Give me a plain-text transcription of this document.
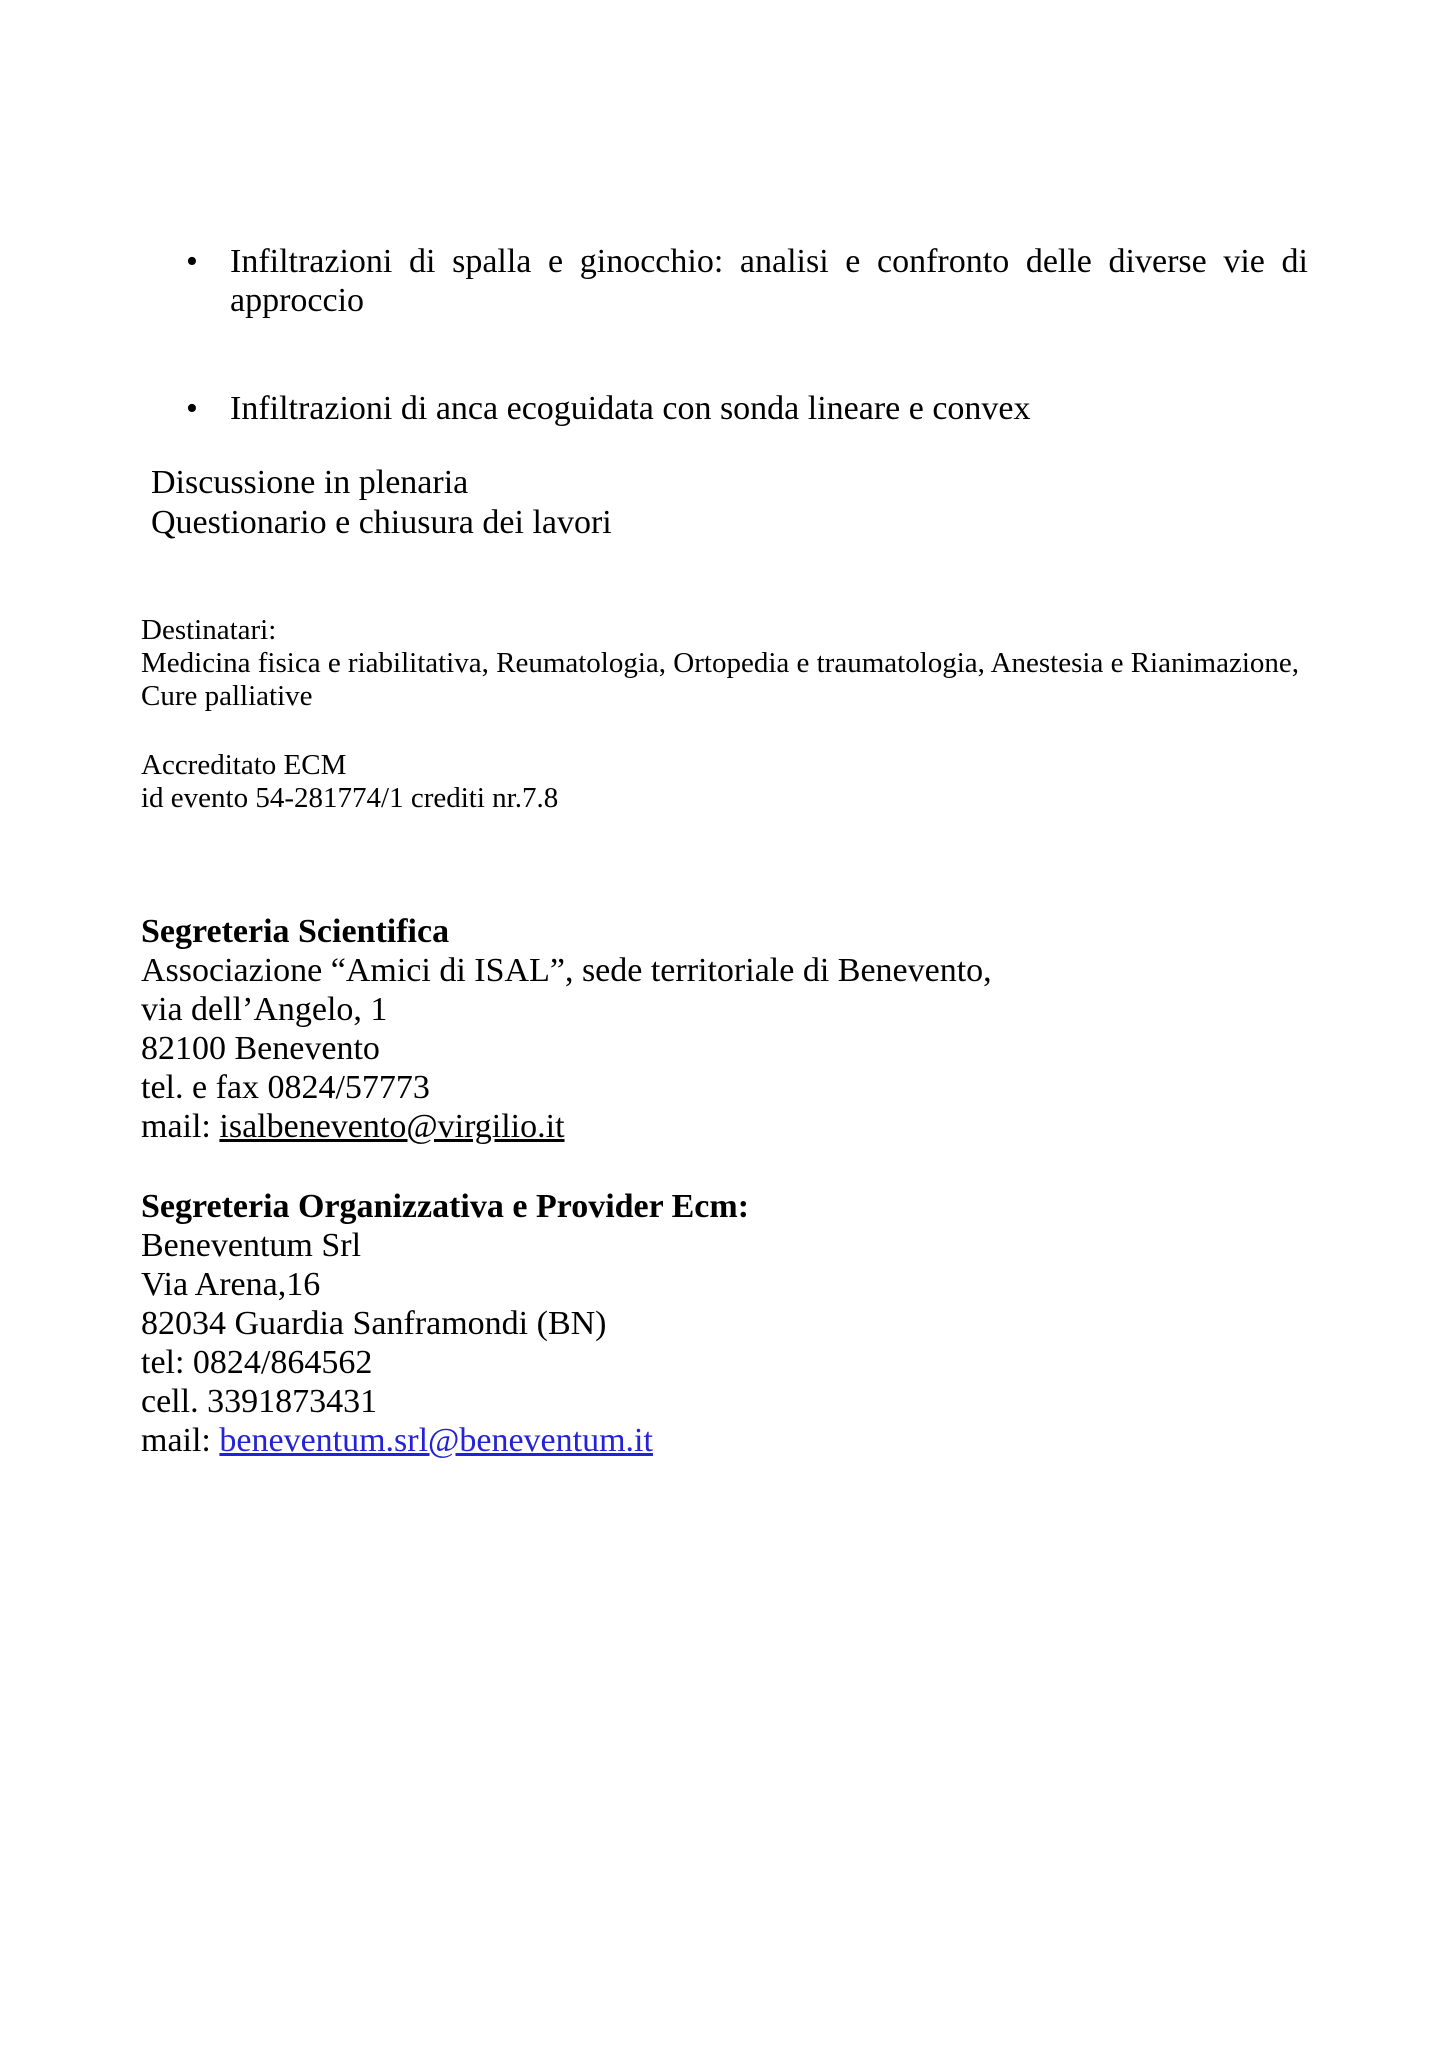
• Infiltrazioni di spalla e ginocchio: analisi e confronto delle diverse vie di
approccio
• Infiltrazioni di anca ecoguidata con sonda lineare e convex
Discussione in plenaria
Questionario e chiusura dei lavori
Destinatari:
Medicina fisica e riabilitativa, Reumatologia, Ortopedia e traumatologia, Anestesia e Rianimazione,
Cure palliative
Accreditato ECM
id evento 54-281774/1 crediti nr.7.8
Segreteria Scientifica
Associazione “Amici di ISAL”, sede territoriale di Benevento,
via dell’Angelo, 1
82100 Benevento
tel. e fax 0824/57773
mail: isalbenevento@virgilio.it
Segreteria Organizzativa e Provider Ecm:
Beneventum Srl
Via Arena,16
82034 Guardia Sanframondi (BN)
tel: 0824/864562
cell. 3391873431
mail: beneventum.srl@beneventum.it
